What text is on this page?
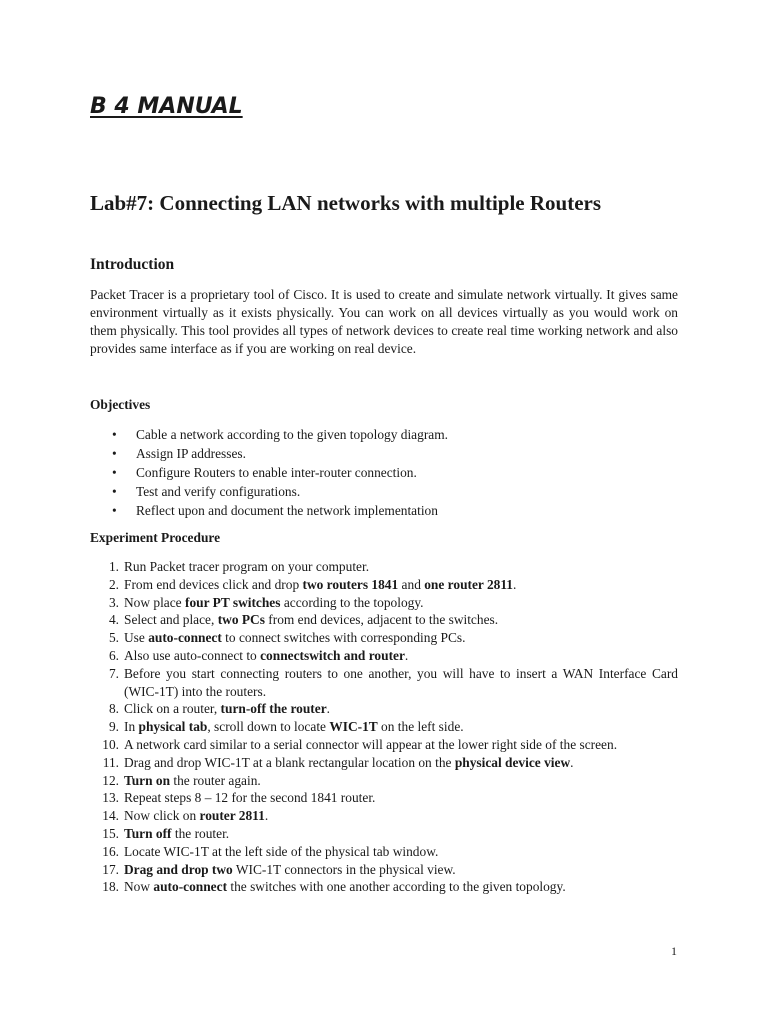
B 4 MANUAL
Lab#7: Connecting LAN networks with multiple Routers
Introduction

Packet Tracer is a proprietary tool of Cisco. It is used to create and simulate network virtually. It gives same environment virtually as it exists physically. You can work on all devices virtually as you would work on them physically. This tool provides all types of network devices to create real time working network and also provides same interface as if you are working on real device.

Objectives
• Cable a network according to the given topology diagram.
• Assign IP addresses.
• Configure Routers to enable inter-router connection.
• Test and verify configurations.
• Reflect upon and document the network implementation
Experiment Procedure
1. Run Packet tracer program on your computer.
2. From end devices click and drop two routers 1841 and one router 2811.
3. Now place four PT switches according to the topology.
4. Select and place, two PCs from end devices, adjacent to the switches.
5. Use auto-connect to connect switches with corresponding PCs.
6. Also use auto-connect to connectswitch and router.
7. Before you start connecting routers to one another, you will have to insert a WAN Interface Card (WIC-1T) into the routers.
8. Click on a router, turn-off the router.
9. In physical tab, scroll down to locate WIC-1T on the left side.
10. A network card similar to a serial connector will appear at the lower right side of the screen.
11. Drag and drop WIC-1T at a blank rectangular location on the physical device view.
12. Turn on the router again.
13. Repeat steps 8 – 12 for the second 1841 router.
14. Now click on router 2811.
15. Turn off the router.
16. Locate WIC-1T at the left side of the physical tab window.
17. Drag and drop two WIC-1T connectors in the physical view.
18. Now auto-connect the switches with one another according to the given topology.

1
